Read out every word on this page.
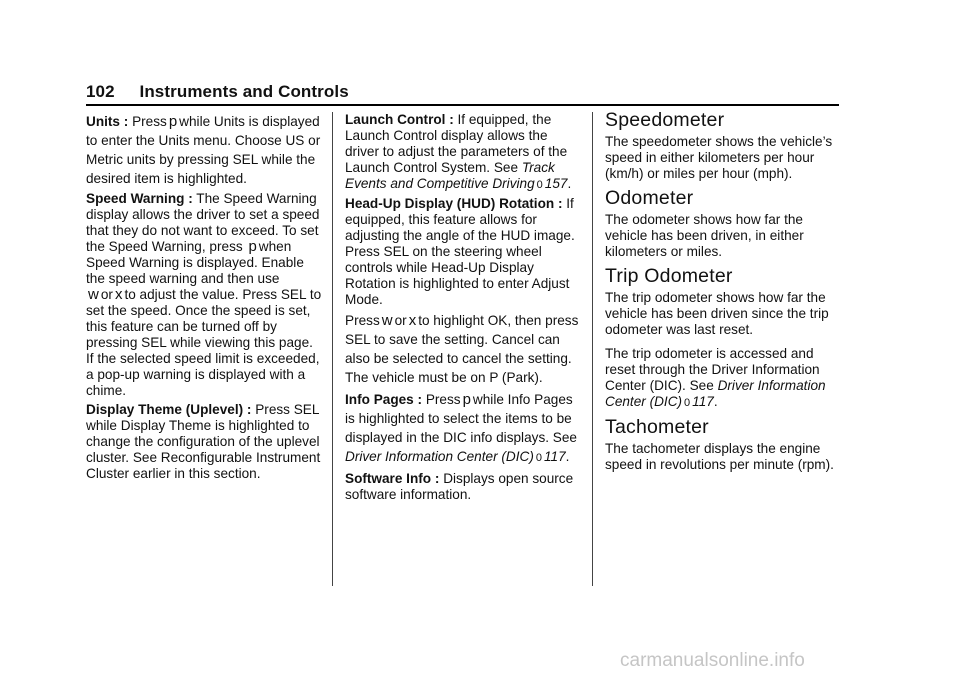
102 Instruments and Controls

Units : Press p while Units is displayed to enter the Units menu. Choose US or Metric units by pressing SEL while the desired item is highlighted.

Speed Warning : The Speed Warning display allows the driver to set a speed that they do not want to exceed. To set the Speed Warning, press p when Speed Warning is displayed. Enable the speed warning and then use w or x to adjust the value. Press SEL to set the speed. Once the speed is set, this feature can be turned off by pressing SEL while viewing this page. If the selected speed limit is exceeded, a pop-up warning is displayed with a chime.

Display Theme (Uplevel) : Press SEL while Display Theme is highlighted to change the configuration of the uplevel cluster. See Reconfigurable Instrument Cluster earlier in this section.

Launch Control : If equipped, the Launch Control display allows the driver to adjust the parameters of the Launch Control System. See Track Events and Competitive Driving 0 157.

Head-Up Display (HUD) Rotation : If equipped, this feature allows for adjusting the angle of the HUD image. Press SEL on the steering wheel controls while Head-Up Display Rotation is highlighted to enter Adjust Mode.

Press w or x to highlight OK, then press SEL to save the setting. Cancel can also be selected to cancel the setting. The vehicle must be on P (Park).

Info Pages : Press p while Info Pages is highlighted to select the items to be displayed in the DIC info displays. See Driver Information Center (DIC) 0 117.

Software Info : Displays open source software information.

Speedometer

The speedometer shows the vehicle’s speed in either kilometers per hour (km/h) or miles per hour (mph).

Odometer

The odometer shows how far the vehicle has been driven, in either kilometers or miles.

Trip Odometer

The trip odometer shows how far the vehicle has been driven since the trip odometer was last reset.

The trip odometer is accessed and reset through the Driver Information Center (DIC). See Driver Information Center (DIC) 0 117.

Tachometer

The tachometer displays the engine speed in revolutions per minute (rpm).

carmanualsonline.info
